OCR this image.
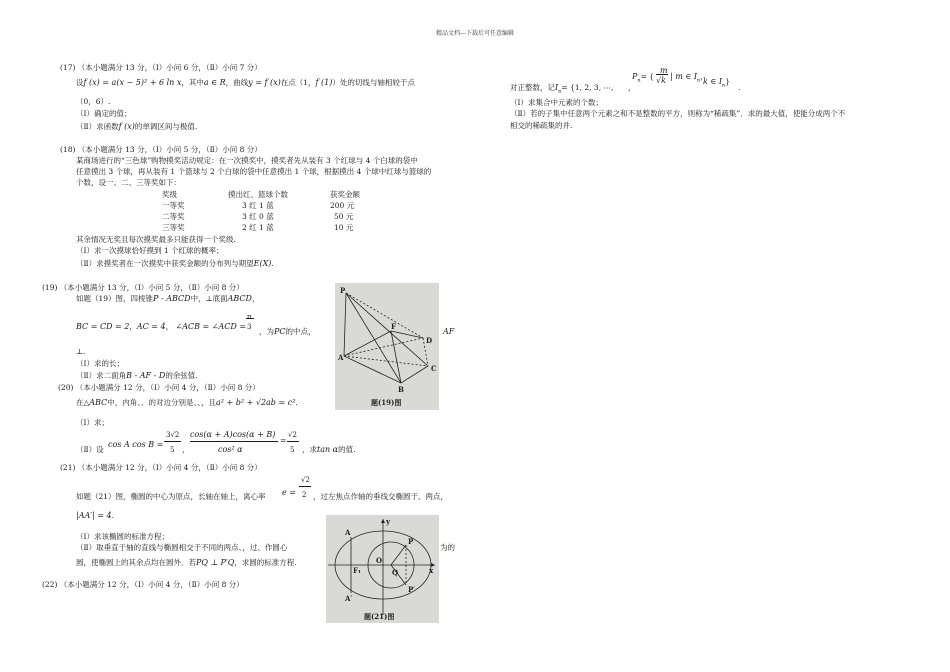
精品文档---下载后可任意编辑
(17) （本小题满分 13 分，（Ⅰ）小问 6 分，（Ⅱ）小问 7 分）
设f (x) = a(x − 5)² + 6 ln x，其中a ∈ R，曲线y = f (x)在点（1，f (1)）处的切线与轴相较于点
（0，6）.
（Ⅰ）确定的值；
（Ⅱ）求函数f (x)的单调区间与极值.
(18) （本小题满分 13 分，（Ⅰ）小问 5 分，（Ⅱ）小问 8 分）
某商场进行的“三色球”购物摸奖活动规定：在一次摸奖中，摸奖者先从装有 3 个红球与 4 个白球的袋中
任意摸出 3 个球，再从装有 1 个篮球与 2 个白球的袋中任意摸出 1 个球，根据摸出 4 个球中红球与篮球的
个数，设一、二、三等奖如下：
奖级	摸出红、篮球个数	获奖金额
一等奖	3 红 1 蓝	200 元
二等奖	3 红 0 蓝	50 元
三等奖	2 红 1 蓝	10 元
其余情况无奖且每次摸奖最多只能获得一个奖级.
（Ⅰ）求一次摸球恰好摸到 1 个红球的概率；
（Ⅱ）求摸奖者在一次摸奖中获奖金额的分布列与期望E(X).
(19) （本小题满分 13 分，（Ⅰ）小问 5 分，（Ⅱ）小问 8 分）
如题（19）图，四棱锥P - ABCD中，⊥底面ABCD，
BC = CD = 2，AC = 4， ∠ACB = ∠ACD =
π
3 ，为PC的中点，	AF
⊥.
（Ⅰ）求的长；
（Ⅱ）求二面角B - AF - D的余弦值.
P
A
B
C
D
F
题(19)图
(20) （本小题满分 12 分，（Ⅰ）小问 4 分，（Ⅱ）小问 8 分）
在△ABC中，内角、、的对边分别是、、，且a² + b² + √2ab = c².
（Ⅰ）求；
（Ⅱ）设
cos A cos B =
3√2
5 ，
cos(α + A)cos(α + B)
cos² α
=
√2
5 ，求tan α的值.
(21) （本小题满分 12 分，（Ⅰ）小问 4 分，（Ⅱ）小问 8 分）
如题（21）图，椭圆的中心为原点，长轴在轴上，离心率 e =
√2
2 ，过左焦点作轴的垂线交椭圆于、两点，
|AA′| = 4.
（Ⅰ）求该椭圆的标准方程；
（Ⅱ）取垂直于轴的直线与椭圆相交于不同的两点、，过、作圆心	为的
圆，使椭圆上的其余点均在圆外．若PQ ⊥ P′Q，求圆的标准方程.
y
x
A
A′
P
P′
F₁
O
Q
题(21)图
(22) （本小题满分 12 分，（Ⅰ）小问 4 分，（Ⅱ）小问 8 分）
$P_n=$ {
m
√k | m ∈ $I_n$，
k ∈ $I_n$}
对正整数，记$I_n= \{1$, 2, 3, ⋯, ，	.
（Ⅰ）求集合中元素的个数；
（Ⅱ）若的子集中任意两个元素之和不是整数的平方，则称为“稀疏集”．求的最大值，使能分成两个不
相交的稀疏集的并.
